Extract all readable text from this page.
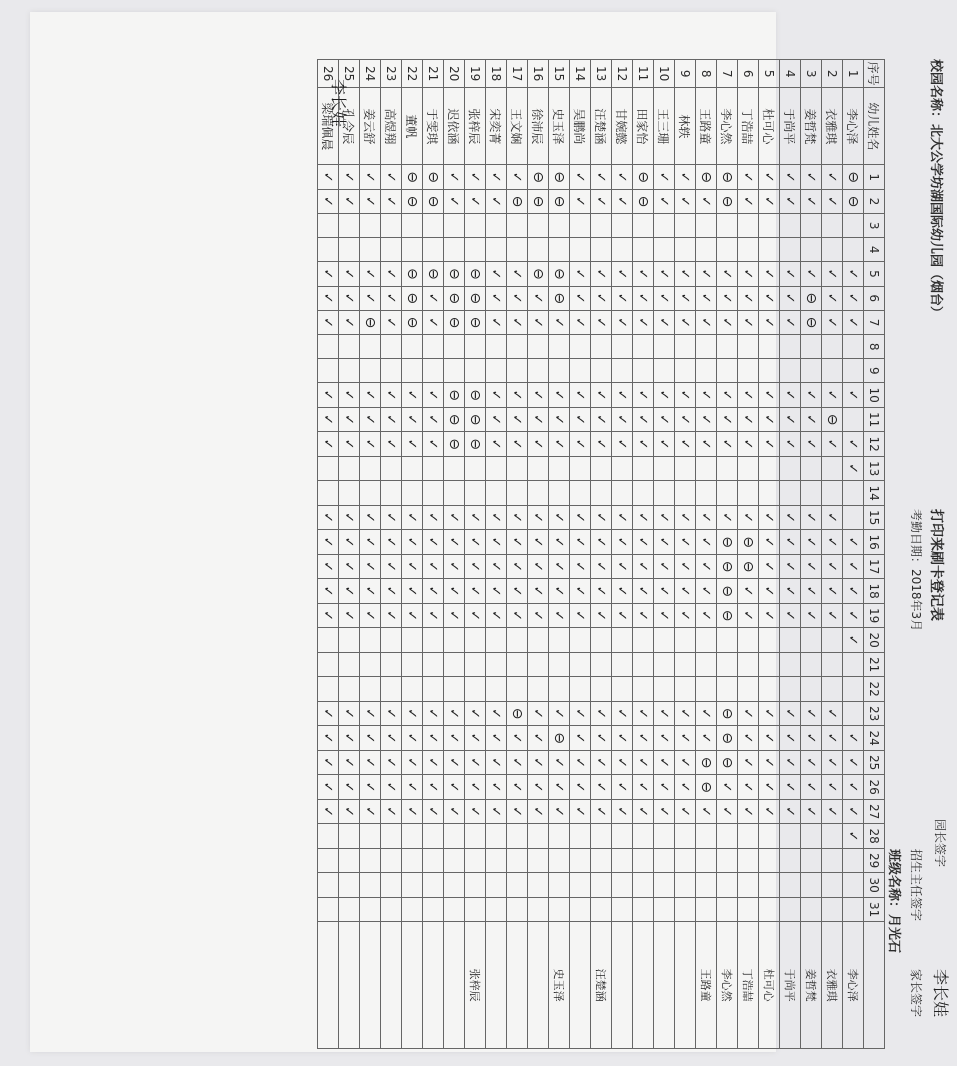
校园名称：北大公学坊湖国际幼儿园（烟台）
打印来刷卡登记表
考勤日期：2018年3月
园长签字
招生主任签字
班级名称：月光石
家长签字 李长娃
序号	幼儿姓名	1	2	3	4	5	6	7	8	9	10	11	12	13	14	15	16	17	18	19	20	21	22	23	24	25	26	27	28	29	30	31	
1	李心泽	⊖	⊖			✓	✓	✓			✓		✓	✓			✓	✓	✓	✓	✓				✓	✓	✓	✓	✓				李心泽
2	衣雅琪	✓	✓			✓	✓	✓			✓	⊖	✓			✓	✓	✓	✓	✓				✓	✓	✓	✓	✓					衣雅琪
3	姜哲梵	✓	✓			✓	⊖	⊖			✓	✓	✓			✓	✓	✓	✓	✓				✓	✓	✓	✓	✓					姜哲梵
4	于尚平	✓	✓			✓	✓	✓			✓	✓	✓			✓	✓	✓	✓	✓				✓	✓	✓	✓	✓					于尚平
5	杜可心	✓	✓			✓	✓	✓			✓	✓	✓			✓	✓	✓	✓	✓				✓	✓	✓	✓	✓					杜可心
6	丁浩喆	✓	✓			✓	✓	✓			✓	✓	✓			✓	⊖	⊖	✓	✓				✓	✓	✓	✓	✓					丁浩喆
7	李心然	⊖	⊖			✓	✓	✓			✓	✓	✓			✓	⊖	⊖	⊖	⊖				⊖	⊖	⊖	✓	✓					李心然
8	王路童	⊖	✓			✓	✓	✓			✓	✓	✓			✓	✓	✓	✓	✓				✓	✓	⊖	⊖	✓					王路童
9	林轶	✓	✓			✓	✓	✓			✓	✓	✓			✓	✓	✓	✓	✓				✓	✓	✓	✓	✓					
10	王三珊	✓	✓			✓	✓	✓			✓	✓	✓			✓	✓	✓	✓	✓				✓	✓	✓	✓	✓					
11	田家怡	⊖	⊖			✓	✓	✓			✓	✓	✓			✓	✓	✓	✓	✓				✓	✓	✓	✓	✓					
12	甘婉懿	✓	✓			✓	✓	✓			✓	✓	✓			✓	✓	✓	✓	✓				✓	✓	✓	✓	✓					
13	汪楚涵	✓	✓			✓	✓	✓			✓	✓	✓			✓	✓	✓	✓	✓				✓	✓	✓	✓	✓					汪楚涵
14	吴鹏尚	✓	✓			✓	✓	✓			✓	✓	✓			✓	✓	✓	✓	✓				✓	✓	✓	✓	✓					
15	史玉泽	⊖	⊖			⊖	⊖	✓			✓	✓	✓			✓	✓	✓	✓	✓				✓	⊖	✓	✓	✓					史玉泽
16	徐沛辰	⊖	⊖			⊖	✓	✓			✓	✓	✓			✓	✓	✓	✓	✓				✓	✓	✓	✓	✓					
17	王文娴	✓	⊖			✓	✓	✓			✓	✓	✓			✓	✓	✓	✓	✓				⊖	✓	✓	✓	✓					
18	宋奕菁	✓	✓			✓	✓	✓			✓	✓	✓			✓	✓	✓	✓	✓				✓	✓	✓	✓	✓					
19	张梓辰	✓	✓			⊖	⊖	⊖			⊖	⊖	⊖			✓	✓	✓	✓	✓				✓	✓	✓	✓	✓					张梓辰
20	迟依涵	✓	✓			⊖	⊖	⊖			⊖	⊖	⊖			✓	✓	✓	✓	✓				✓	✓	✓	✓	✓					
21	于雯琪	⊖	⊖			⊖	✓	✓			✓	✓	✓			✓	✓	✓	✓	✓				✓	✓	✓	✓	✓					
22	董帆	⊖	⊖			⊖	⊖	⊖			✓	✓	✓			✓	✓	✓	✓	✓				✓	✓	✓	✓	✓					
23	高煜翔	✓	✓			✓	✓	✓			✓	✓	✓			✓	✓	✓	✓	✓				✓	✓	✓	✓	✓					
24	姜云舒	✓	✓			✓	✓	⊖			✓	✓	✓			✓	✓	✓	✓	✓				✓	✓	✓	✓	✓					
25	孔令辰	✓	✓			✓	✓	✓			✓	✓	✓			✓	✓	✓	✓	✓				✓	✓	✓	✓	✓					
26	梁瑞佩晨	✓	✓			✓	✓	✓			✓	✓	✓			✓	✓	✓	✓	✓				✓	✓	✓	✓	✓					
李长娃
